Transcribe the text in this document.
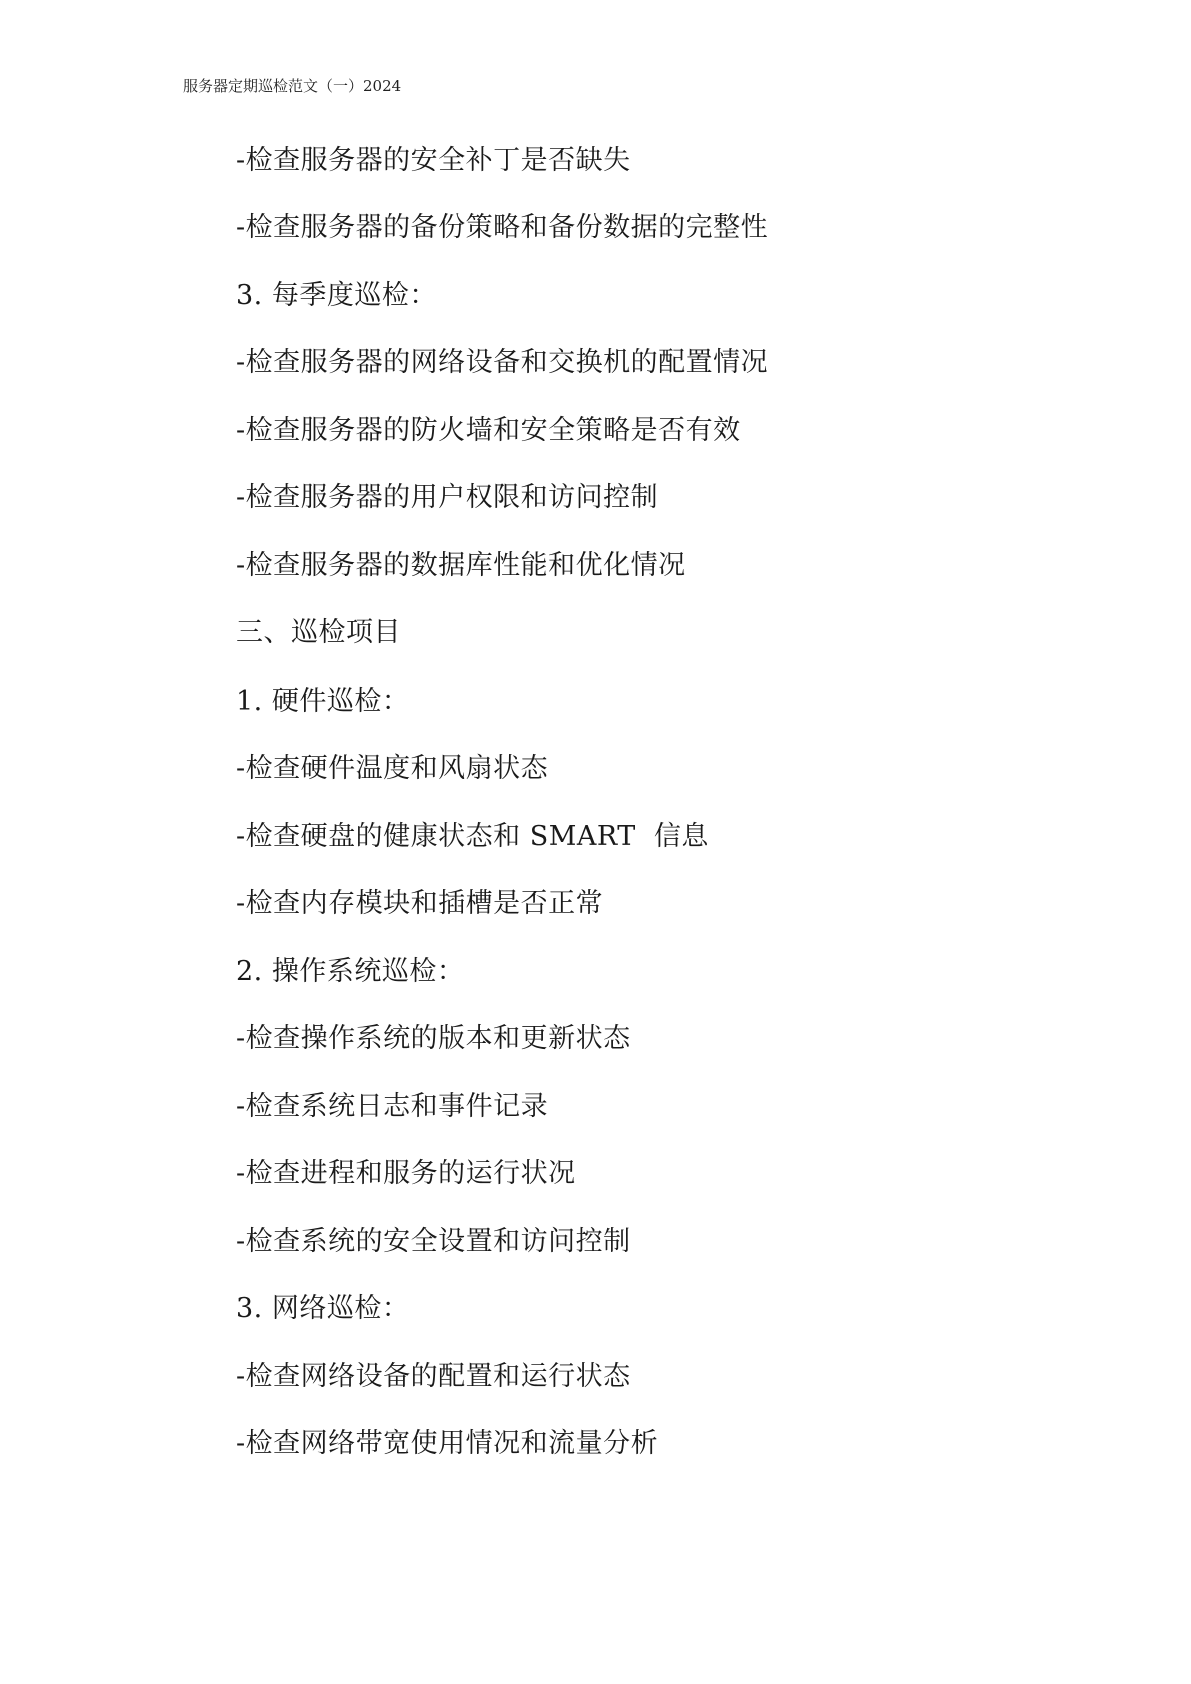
服务器定期巡检范文（一）2024
-检查服务器的安全补丁是否缺失
-检查服务器的备份策略和备份数据的完整性
3. 每季度巡检：
-检查服务器的网络设备和交换机的配置情况
-检查服务器的防火墙和安全策略是否有效
-检查服务器的用户权限和访问控制
-检查服务器的数据库性能和优化情况
三、巡检项目
1. 硬件巡检：
-检查硬件温度和风扇状态
-检查硬盘的健康状态和 SMART  信息
-检查内存模块和插槽是否正常
2. 操作系统巡检：
-检查操作系统的版本和更新状态
-检查系统日志和事件记录
-检查进程和服务的运行状况
-检查系统的安全设置和访问控制
3. 网络巡检：
-检查网络设备的配置和运行状态
-检查网络带宽使用情况和流量分析
